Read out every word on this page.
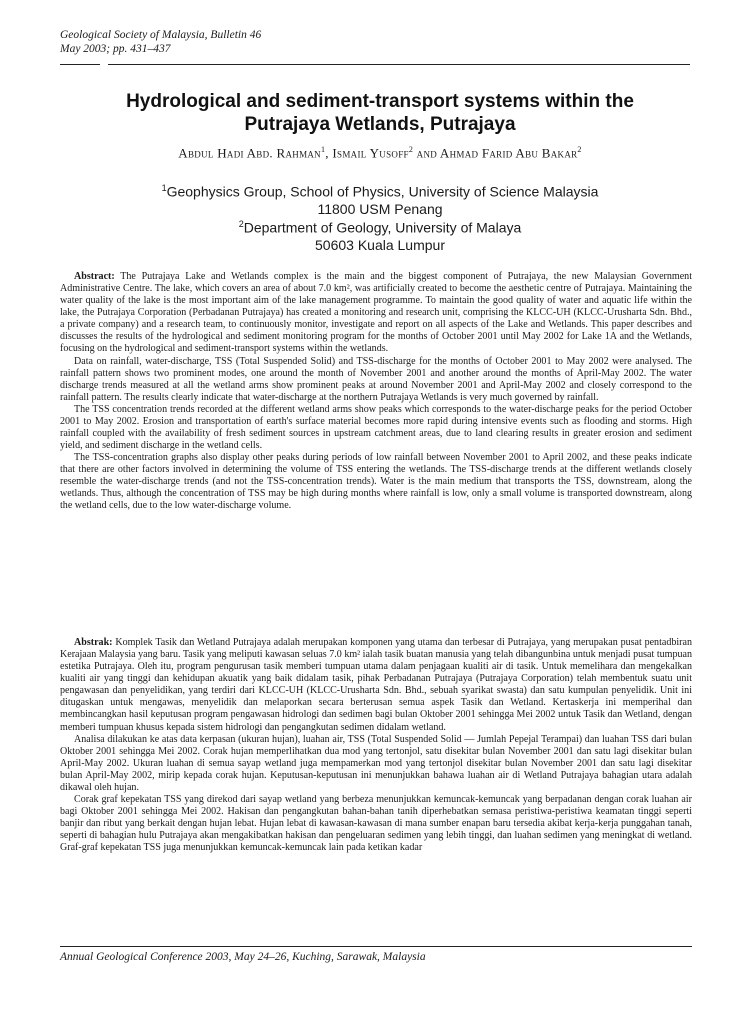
Geological Society of Malaysia, Bulletin 46
May 2003; pp. 431–437
Hydrological and sediment-transport systems within the
Putrajaya Wetlands, Putrajaya
Abdul Hadi Abd. Rahman$^1$, Ismail Yusoff$^2$ and Ahmad Farid Abu Bakar$^2$
$^1$Geophysics Group, School of Physics, University of Science Malaysia
11800 USM Penang
$^2$Department of Geology, University of Malaya
50603 Kuala Lumpur

Abstract: The Putrajaya Lake and Wetlands complex is the main and the biggest component of Putrajaya, the new Malaysian Government Administrative Centre. The lake, which covers an area of about 7.0 km², was artificially created to become the aesthetic centre of Putrajaya. Maintaining the water quality of the lake is the most important aim of the lake management programme. To maintain the good quality of water and aquatic life within the lake, the Putrajaya Corporation (Perbadanan Putrajaya) has created a monitoring and research unit, comprising the KLCC-UH (KLCC-Urusharta Sdn. Bhd., a private company) and a research team, to continuously monitor, investigate and report on all aspects of the Lake and Wetlands. This paper describes and discusses the results of the hydrological and sediment monitoring program for the months of October 2001 until May 2002 for Lake 1A and the Wetlands, focusing on the hydrological and sediment-transport systems within the wetlands.

Data on rainfall, water-discharge, TSS (Total Suspended Solid) and TSS-discharge for the months of October 2001 to May 2002 were analysed. The rainfall pattern shows two prominent modes, one around the month of November 2001 and another around the months of April-May 2002. The water discharge trends measured at all the wetland arms show prominent peaks at around November 2001 and April-May 2002 and closely correspond to the rainfall pattern. The results clearly indicate that water-discharge at the northern Putrajaya Wetlands is very much governed by rainfall.

The TSS concentration trends recorded at the different wetland arms show peaks which corresponds to the water-discharge peaks for the period October 2001 to May 2002. Erosion and transportation of earth's surface material becomes more rapid during intensive events such as flooding and storms. High rainfall coupled with the availability of fresh sediment sources in upstream catchment areas, due to land clearing results in greater erosion and sediment yield, and sediment discharge in the wetland cells.

The TSS-concentration graphs also display other peaks during periods of low rainfall between November 2001 to April 2002, and these peaks indicate that there are other factors involved in determining the volume of TSS entering the wetlands. The TSS-discharge trends at the different wetlands closely resemble the water-discharge trends (and not the TSS-concentration trends). Water is the main medium that transports the TSS, downstream, along the wetlands. Thus, although the concentration of TSS may be high during months where rainfall is low, only a small volume is transported downstream, along the wetland cells, due to the low water-discharge volume.

Abstrak: Komplek Tasik dan Wetland Putrajaya adalah merupakan komponen yang utama dan terbesar di Putrajaya, yang merupakan pusat pentadbiran Kerajaan Malaysia yang baru. Tasik yang meliputi kawasan seluas 7.0 km² ialah tasik buatan manusia yang telah dibangunbina untuk menjadi pusat tumpuan estetika Putrajaya. Oleh itu, program pengurusan tasik memberi tumpuan utama dalam penjagaan kualiti air di tasik. Untuk memelihara dan mengekalkan kualiti air yang tinggi dan kehidupan akuatik yang baik didalam tasik, pihak Perbadanan Putrajaya (Putrajaya Corporation) telah membentuk suatu unit pengawasan dan penyelidikan, yang terdiri dari KLCC-UH (KLCC-Urusharta Sdn. Bhd., sebuah syarikat swasta) dan satu kumpulan penyelidik. Unit ini ditugaskan untuk mengawas, menyelidik dan melaporkan secara berterusan semua aspek Tasik dan Wetland. Kertaskerja ini memperihal dan membincangkan hasil keputusan program pengawasan hidrologi dan sedimen bagi bulan Oktober 2001 sehingga Mei 2002 untuk Tasik dan Wetland, dengan memberi tumpuan khusus kepada sistem hidrologi dan pengangkutan sedimen didalam wetland.

Analisa dilakukan ke atas data kerpasan (ukuran hujan), luahan air, TSS (Total Suspended Solid — Jumlah Pepejal Terampai) dan luahan TSS dari bulan Oktober 2001 sehingga Mei 2002. Corak hujan memperlihatkan dua mod yang tertonjol, satu disekitar bulan November 2001 dan satu lagi disekitar bulan April-May 2002. Ukuran luahan di semua sayap wetland juga mempamerkan mod yang tertonjol disekitar bulan November 2001 dan satu lagi disekitar bulan April-May 2002, mirip kepada corak hujan. Keputusan-keputusan ini menunjukkan bahawa luahan air di Wetland Putrajaya bahagian utara adalah dikawal oleh hujan.

Corak graf kepekatan TSS yang direkod dari sayap wetland yang berbeza menunjukkan kemuncak-kemuncak yang berpadanan dengan corak luahan air bagi Oktober 2001 sehingga Mei 2002. Hakisan dan pengangkutan bahan-bahan tanih diperhebatkan semasa peristiwa-peristiwa keamatan tinggi seperti banjir dan ribut yang berkait dengan hujan lebat. Hujan lebat di kawasan-kawasan di mana sumber enapan baru tersedia akibat kerja-kerja punggahan tanah, seperti di bahagian hulu Putrajaya akan mengakibatkan hakisan dan pengeluaran sedimen yang lebih tinggi, dan luahan sedimen yang meningkat di wetland. Graf-graf kepekatan TSS juga menunjukkan kemuncak-kemuncak lain pada ketikan kadar

Annual Geological Conference 2003, May 24–26, Kuching, Sarawak, Malaysia
